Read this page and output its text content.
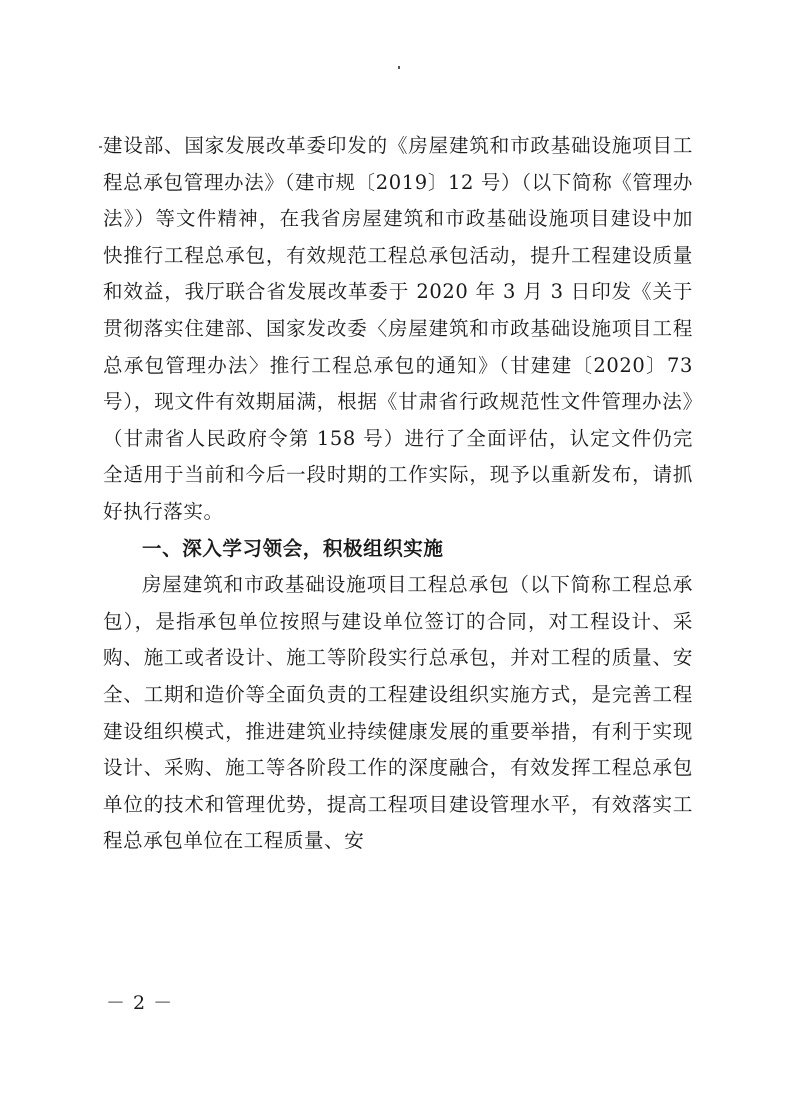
建设部、国家发展改革委印发的《房屋建筑和市政基础设施项目工程总承包管理办法》（建市规〔2019〕12 号）（以下简称《管理办法》）等文件精神，在我省房屋建筑和市政基础设施项目建设中加快推行工程总承包，有效规范工程总承包活动，提升工程建设质量和效益，我厅联合省发展改革委于 2020 年 3 月 3 日印发《关于贯彻落实住建部、国家发改委〈房屋建筑和市政基础设施项目工程总承包管理办法〉推行工程总承包的通知》（甘建建〔2020〕73 号），现文件有效期届满，根据《甘肃省行政规范性文件管理办法》（甘肃省人民政府令第 158 号）进行了全面评估，认定文件仍完全适用于当前和今后一段时期的工作实际，现予以重新发布，请抓好执行落实。

一、深入学习领会，积极组织实施

房屋建筑和市政基础设施项目工程总承包（以下简称工程总承包），是指承包单位按照与建设单位签订的合同，对工程设计、采购、施工或者设计、施工等阶段实行总承包，并对工程的质量、安全、工期和造价等全面负责的工程建设组织实施方式，是完善工程建设组织模式，推进建筑业持续健康发展的重要举措，有利于实现设计、采购、施工等各阶段工作的深度融合，有效发挥工程总承包单位的技术和管理优势，提高工程项目建设管理水平，有效落实工程总承包单位在工程质量、安

－ 2 －
